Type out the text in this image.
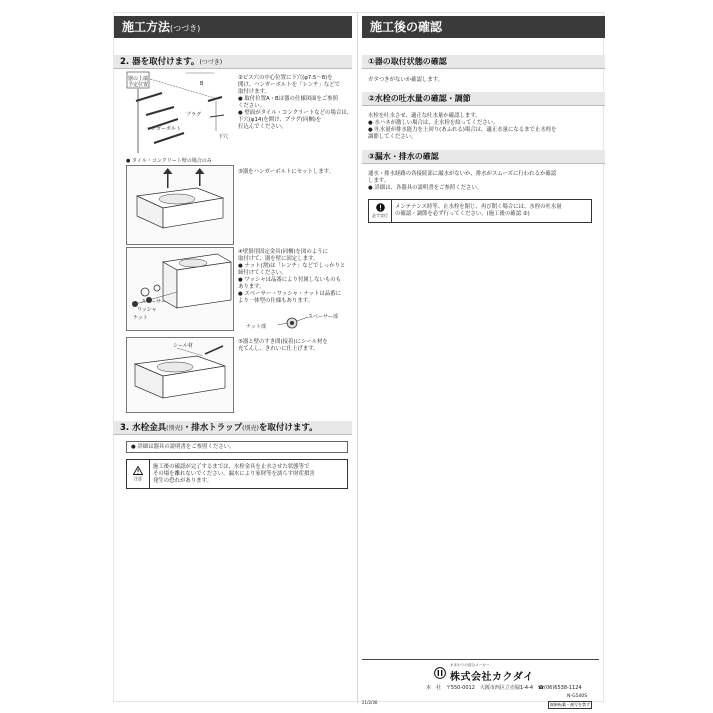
施工方法(つづき)
2. 器を取付けます。(つづき)
器の上端
予定位置	B
プラグ
ハンガーボルト
下穴
● タイル・コンクリート壁の場合のみ
②ビス穴の中心位置に下穴(φ7.5〜8)を
開け、ハンガーボルトを「レンチ」などで
取付けます。
● 取付位置A・Bは器の仕様図面をご参照
ください。
● 壁面がタイル・コンクリートなどの場合は、
下穴(φ14)を開け、プラグ(同梱)を
打込んでください。
③器をハンガーボルトにセットします。
スペーサー
ワッシャ
ナット
④壁掛用固定金具(同梱)を図のように
取付けて、器を壁に固定します。
● ナット(割)は「レンチ」などでしっかりと
締付けてください。
● ワッシャは品番により付属しないものも
あります。
● スペーサー・ワッシャ・ナットは品番に
より一体型の仕様もあります。
ナット部
スペーサー部
シール材
⑤器と壁のすき間(接着)にシール材を
充てんし、きれいに仕上げます。
3. 水栓金具(別売)・排水トラップ(別売)を取付けます。
● 詳細は器具の説明書をご参照ください。
注意
施工後の確認が完了するまでは、水栓金具を止水させた状態等で
その場を離れないでください。漏水により家財等を濡らす財産損害
発生の恐れがあります。
施工後の確認
①器の取付状態の確認
ガタつきがないか確認します。
②水栓の吐水量の確認・調節
水栓を吐水させ、適正な吐水量か確認します。
● 水ハネが激しい場合は、止水栓を絞ってください。
● 吐水量が排水能力を上回り(あふれる)場合は、適正水量になるまで止水栓を
調節してください。
③漏水・排水の確認
通水・排水経路の各接続部に漏水がないか、排水がスムーズに行われるか確認
します。
● 詳細は、各器具の説明書をご参照ください。
必ず実行
メンテナンス時等、止水栓を閉じ、再び開く場合には、水栓の吐水量
の確認・調節を必ず行ってください。(施工後の確認 ②)
水まわりの総合メーカー
株式会社カクダイ
本　社 〒550-0012　大阪市西区立売堀1-4-4 ☎(06)6538-1124
21/2/30
N-G540S
無断転載・複写を禁ず
